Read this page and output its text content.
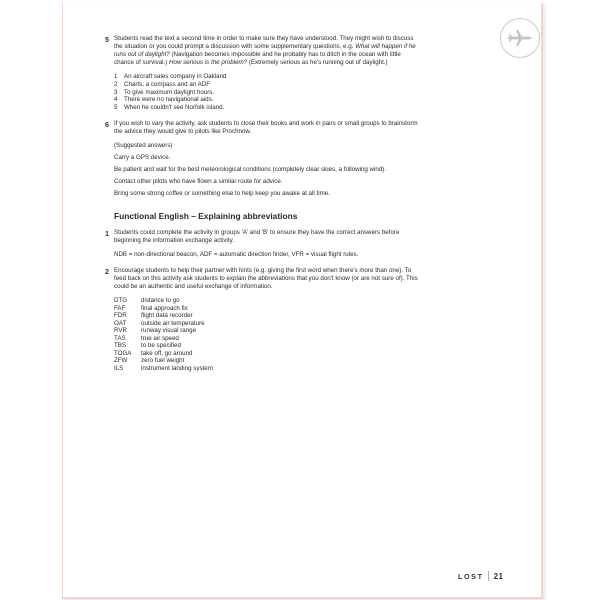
5 Students read the text a second time in order to make sure they have understood. They might wish to discuss the situation or you could prompt a discussion with some supplementary questions, e.g. What will happen if he runs out of daylight? (Navigation becomes impossible and he probably has to ditch in the ocean with little chance of survival.) How serious is the problem? (Extremely serious as he's running out of daylight.)

1	An aircraft sales company in Oakland
2	Charts, a compass and an ADF
3	To give maximum daylight hours.
4	There were no navigational aids.
5	When he couldn't see Norfolk island.
6 If you wish to vary the activity, ask students to close their books and work in pairs or small groups to brainstorm the advice they would give to pilots like Prochnow.

(Suggested answers)

Carry a GPS device.

Be patient and wait for the best meteorological conditions (completely clear skies, a following wind).

Contact other pilots who have flown a similar route for advice.

Bring some strong coffee or something else to help keep you awake at all time.

Functional English – Explaining abbreviations
1 Students could complete the activity in groups 'A' and 'B' to ensure they have the correct answers before beginning the information exchange activity.

NDB = non-directional beacon, ADF = automatic direction finder, VFR = visual flight rules.

2 Encourage students to help their partner with hints (e.g. giving the first word when there's more than one). To feed back on this activity ask students to explain the abbreviations that you don't know (or are not sure of). This could be an authentic and useful exchange of information.

DTG	distance to go
FAF	final approach fix
FDR	flight data recorder
OAT	outside air temperature
RVR	runway visual range
TAS	true air speed
TBS	to be specified
TOGA	take off, go around
ZFW	zero fuel weight
ILS	instrument landing system
LOST 21
